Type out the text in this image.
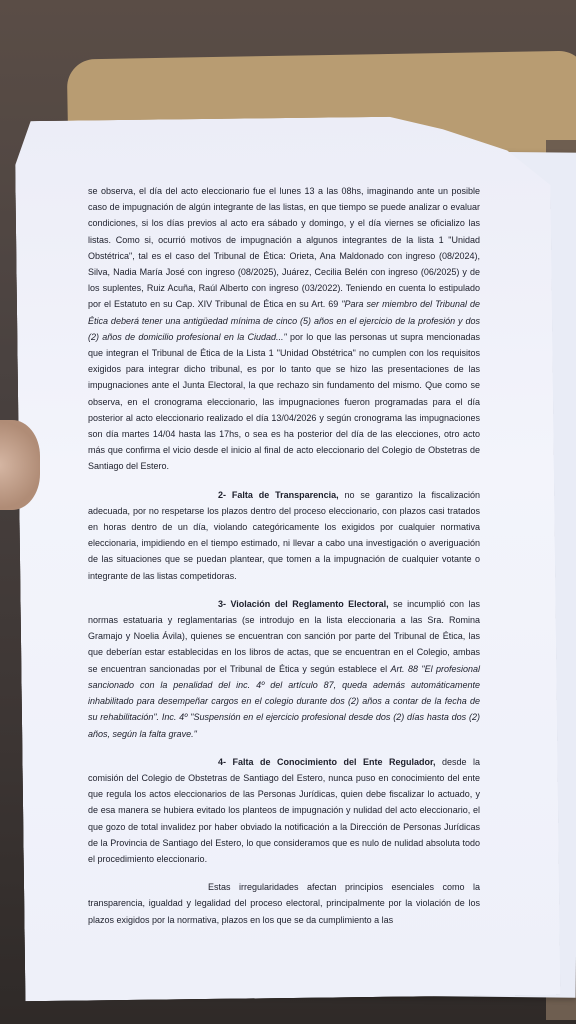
se observa, el día del acto eleccionario fue el lunes 13 a las 08hs, imaginando ante un posible caso de impugnación de algún integrante de las listas, en que tiempo se puede analizar o evaluar condiciones, si los días previos al acto era sábado y domingo, y el día viernes se oficializo las listas. Como si, ocurrió motivos de impugnación a algunos integrantes de la lista 1 "Unidad Obstétrica", tal es el caso del Tribunal de Ética: Orieta, Ana Maldonado con ingreso (08/2024), Silva, Nadia María José con ingreso (08/2025), Juárez, Cecilia Belén con ingreso (06/2025) y de los suplentes, Ruiz Acuña, Raúl Alberto con ingreso (03/2022). Teniendo en cuenta lo estipulado por el Estatuto en su Cap. XIV Tribunal de Ética en su Art. 69 "Para ser miembro del Tribunal de Ética deberá tener una antigüedad mínima de cinco (5) años en el ejercicio de la profesión y dos (2) años de domicilio profesional en la Ciudad..." por lo que las personas ut supra mencionadas que integran el Tribunal de Ética de la Lista 1 "Unidad Obstétrica" no cumplen con los requisitos exigidos para integrar dicho tribunal, es por lo tanto que se hizo las presentaciones de las impugnaciones ante el Junta Electoral, la que rechazo sin fundamento del mismo. Que como se observa, en el cronograma eleccionario, las impugnaciones fueron programadas para el día posterior al acto eleccionario realizado el día 13/04/2026 y según cronograma las impugnaciones son día martes 14/04 hasta las 17hs, o sea es ha posterior del día de las elecciones, otro acto más que confirma el vicio desde el inicio al final de acto eleccionario del Colegio de Obstetras de Santiago del Estero.

2- Falta de Transparencia, no se garantizo la fiscalización adecuada, por no respetarse los plazos dentro del proceso eleccionario, con plazos casi tratados en horas dentro de un día, violando categóricamente los exigidos por cualquier normativa eleccionaria, impidiendo en el tiempo estimado, ni llevar a cabo una investigación o averiguación de las situaciones que se puedan plantear, que tomen a la impugnación de cualquier votante o integrante de las listas competidoras.

3- Violación del Reglamento Electoral, se incumplió con las normas estatuaria y reglamentarias (se introdujo en la lista eleccionaria a las Sra. Romina Gramajo y Noelia Ávila), quienes se encuentran con sanción por parte del Tribunal de Ética, las que deberían estar establecidas en los libros de actas, que se encuentran en el Colegio, ambas se encuentran sancionadas por el Tribunal de Ética y según establece el Art. 88 "El profesional sancionado con la penalidad del inc. 4º del artículo 87, queda además automáticamente inhabilitado para desempeñar cargos en el colegio durante dos (2) años a contar de la fecha de su rehabilitación". Inc. 4º "Suspensión en el ejercicio profesional desde dos (2) días hasta dos (2) años, según la falta grave."

4- Falta de Conocimiento del Ente Regulador, desde la comisión del Colegio de Obstetras de Santiago del Estero, nunca puso en conocimiento del ente que regula los actos eleccionarios de las Personas Jurídicas, quien debe fiscalizar lo actuado, y de esa manera se hubiera evitado los planteos de impugnación y nulidad del acto eleccionario, el que gozo de total invalidez por haber obviado la notificación a la Dirección de Personas Jurídicas de la Provincia de Santiago del Estero, lo que consideramos que es nulo de nulidad absoluta todo el procedimiento eleccionario.

Estas irregularidades afectan principios esenciales como la transparencia, igualdad y legalidad del proceso electoral, principalmente por la violación de los plazos exigidos por la normativa, plazos en los que se da cumplimiento a las
